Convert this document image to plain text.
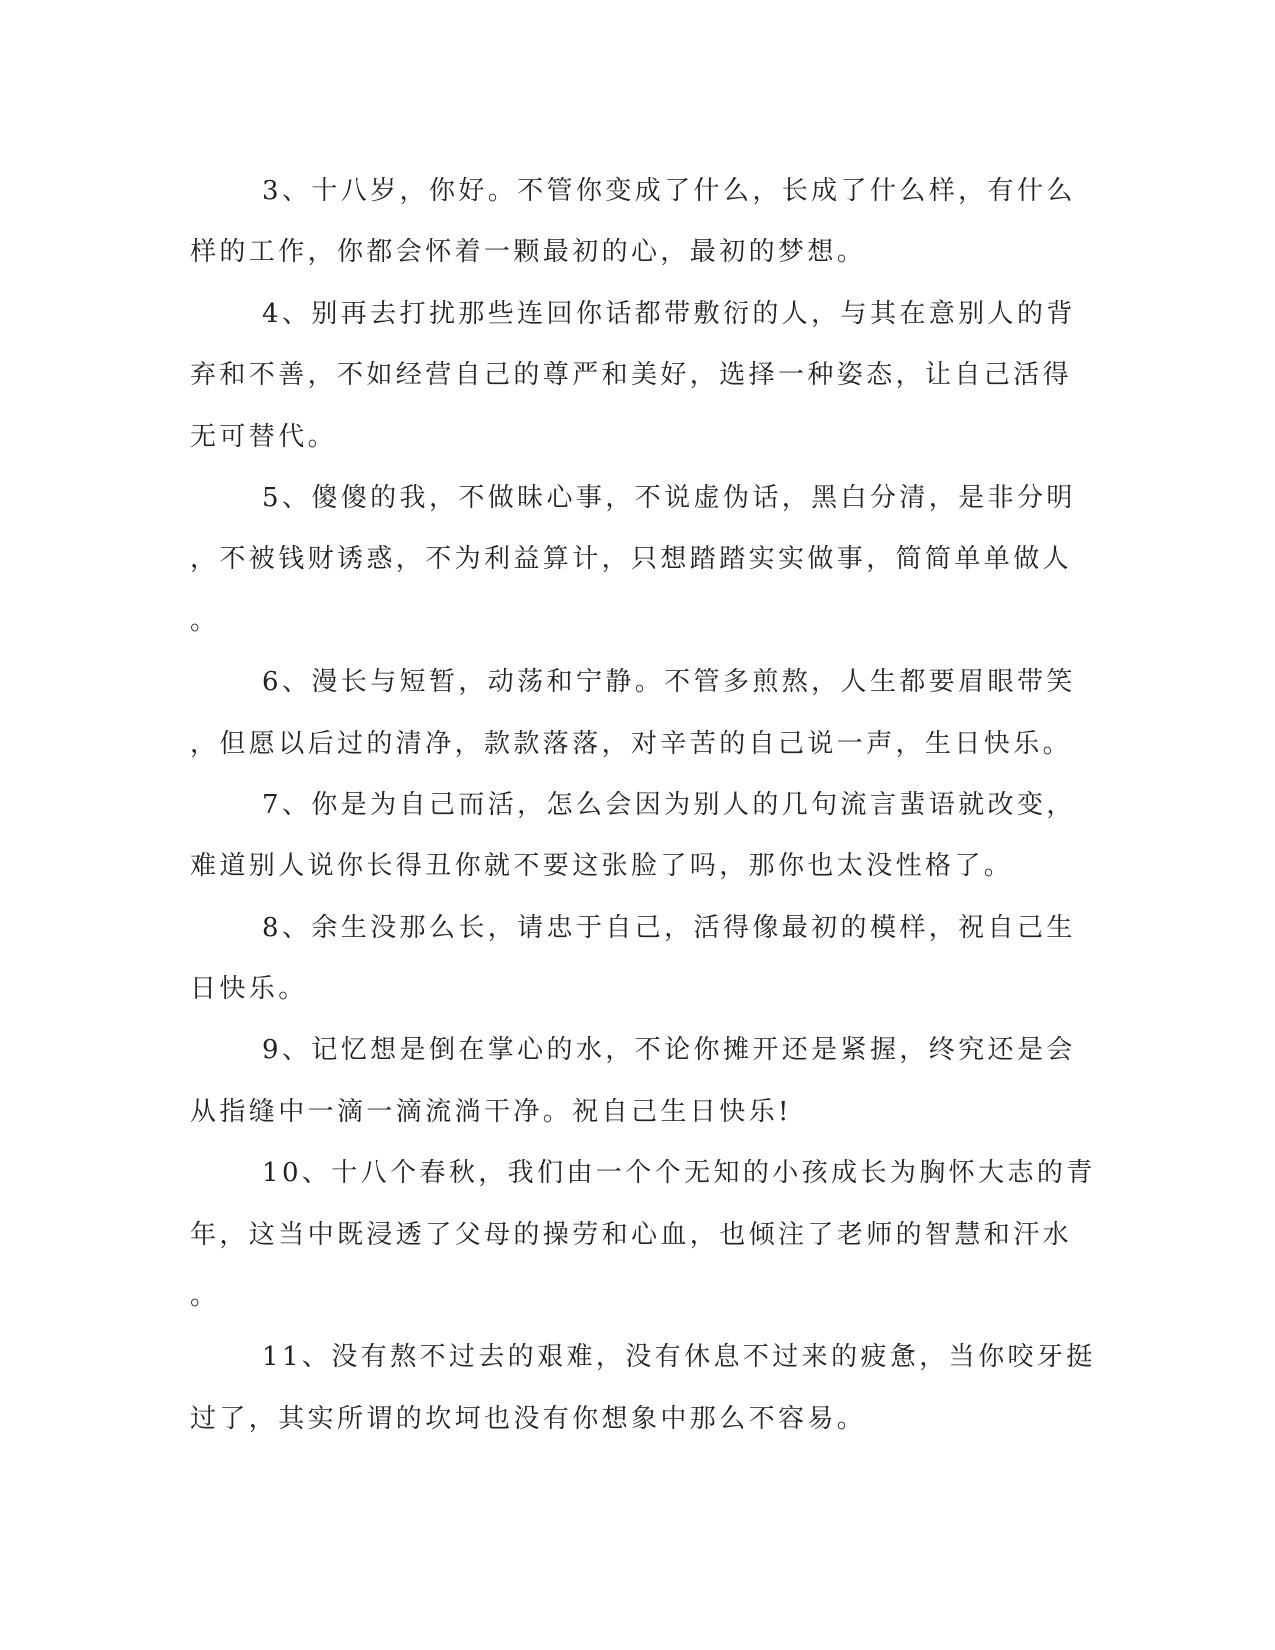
3、十八岁，你好。不管你变成了什么，长成了什么样，有什么
样的工作，你都会怀着一颗最初的心，最初的梦想。
4、别再去打扰那些连回你话都带敷衍的人，与其在意别人的背
弃和不善，不如经营自己的尊严和美好，选择一种姿态，让自己活得
无可替代。
5、傻傻的我，不做昧心事，不说虚伪话，黑白分清，是非分明
，不被钱财诱惑，不为利益算计，只想踏踏实实做事，简简单单做人
。
6、漫长与短暂，动荡和宁静。不管多煎熬，人生都要眉眼带笑
，但愿以后过的清净，款款落落，对辛苦的自己说一声，生日快乐。
7、你是为自己而活，怎么会因为别人的几句流言蜚语就改变，
难道别人说你长得丑你就不要这张脸了吗，那你也太没性格了。
8、余生没那么长，请忠于自己，活得像最初的模样，祝自己生
日快乐。
9、记忆想是倒在掌心的水，不论你摊开还是紧握，终究还是会
从指缝中一滴一滴流淌干净。祝自己生日快乐!
10、十八个春秋，我们由一个个无知的小孩成长为胸怀大志的青
年，这当中既浸透了父母的操劳和心血，也倾注了老师的智慧和汗水
。
11、没有熬不过去的艰难，没有休息不过来的疲惫，当你咬牙挺
过了，其实所谓的坎坷也没有你想象中那么不容易。
